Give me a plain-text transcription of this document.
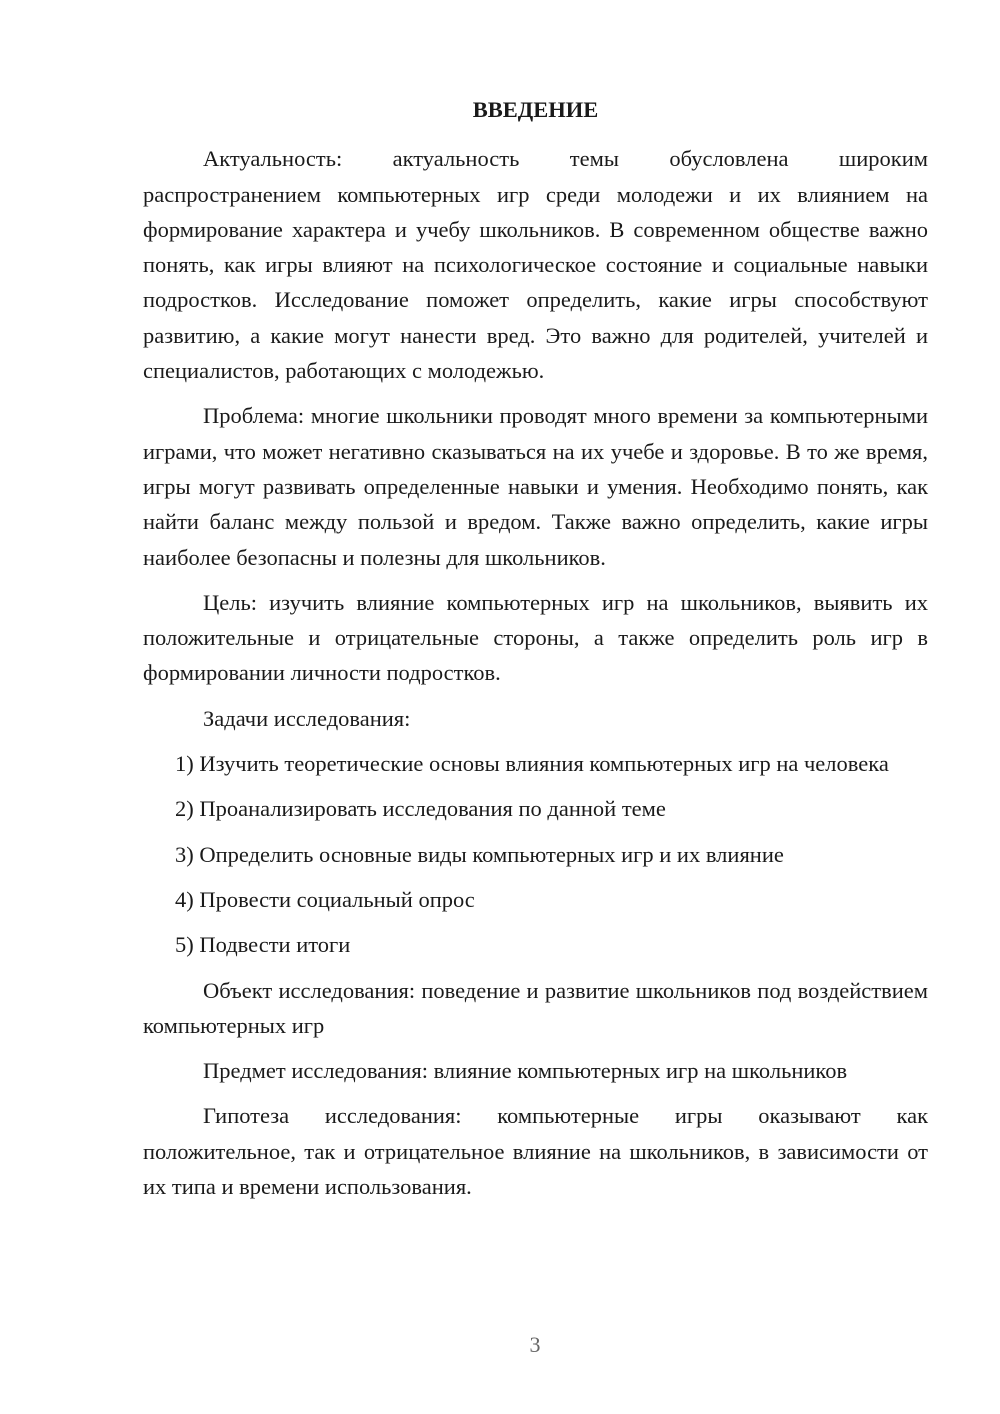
ВВЕДЕНИЕ

Актуальность: актуальность темы обусловлена широким распространением компьютерных игр среди молодежи и их влиянием на формирование характера и учебу школьников. В современном обществе важно понять, как игры влияют на психологическое состояние и социальные навыки подростков. Исследование поможет определить, какие игры способствуют развитию, а какие могут нанести вред. Это важно для родителей, учителей и специалистов, работающих с молодежью.

Проблема: многие школьники проводят много времени за компьютерными играми, что может негативно сказываться на их учебе и здоровье. В то же время, игры могут развивать определенные навыки и умения. Необходимо понять, как найти баланс между пользой и вредом. Также важно определить, какие игры наиболее безопасны и полезны для школьников.

Цель: изучить влияние компьютерных игр на школьников, выявить их положительные и отрицательные стороны, а также определить роль игр в формировании личности подростков.

Задачи исследования:

1) Изучить теоретические основы влияния компьютерных игр на человека

2) Проанализировать исследования по данной теме

3) Определить основные виды компьютерных игр и их влияние

4) Провести социальный опрос

5) Подвести итоги

Объект исследования: поведение и развитие школьников под воздействием компьютерных игр

Предмет исследования: влияние компьютерных игр на школьников

Гипотеза исследования: компьютерные игры оказывают как положительное, так и отрицательное влияние на школьников, в зависимости от их типа и времени использования.

3
